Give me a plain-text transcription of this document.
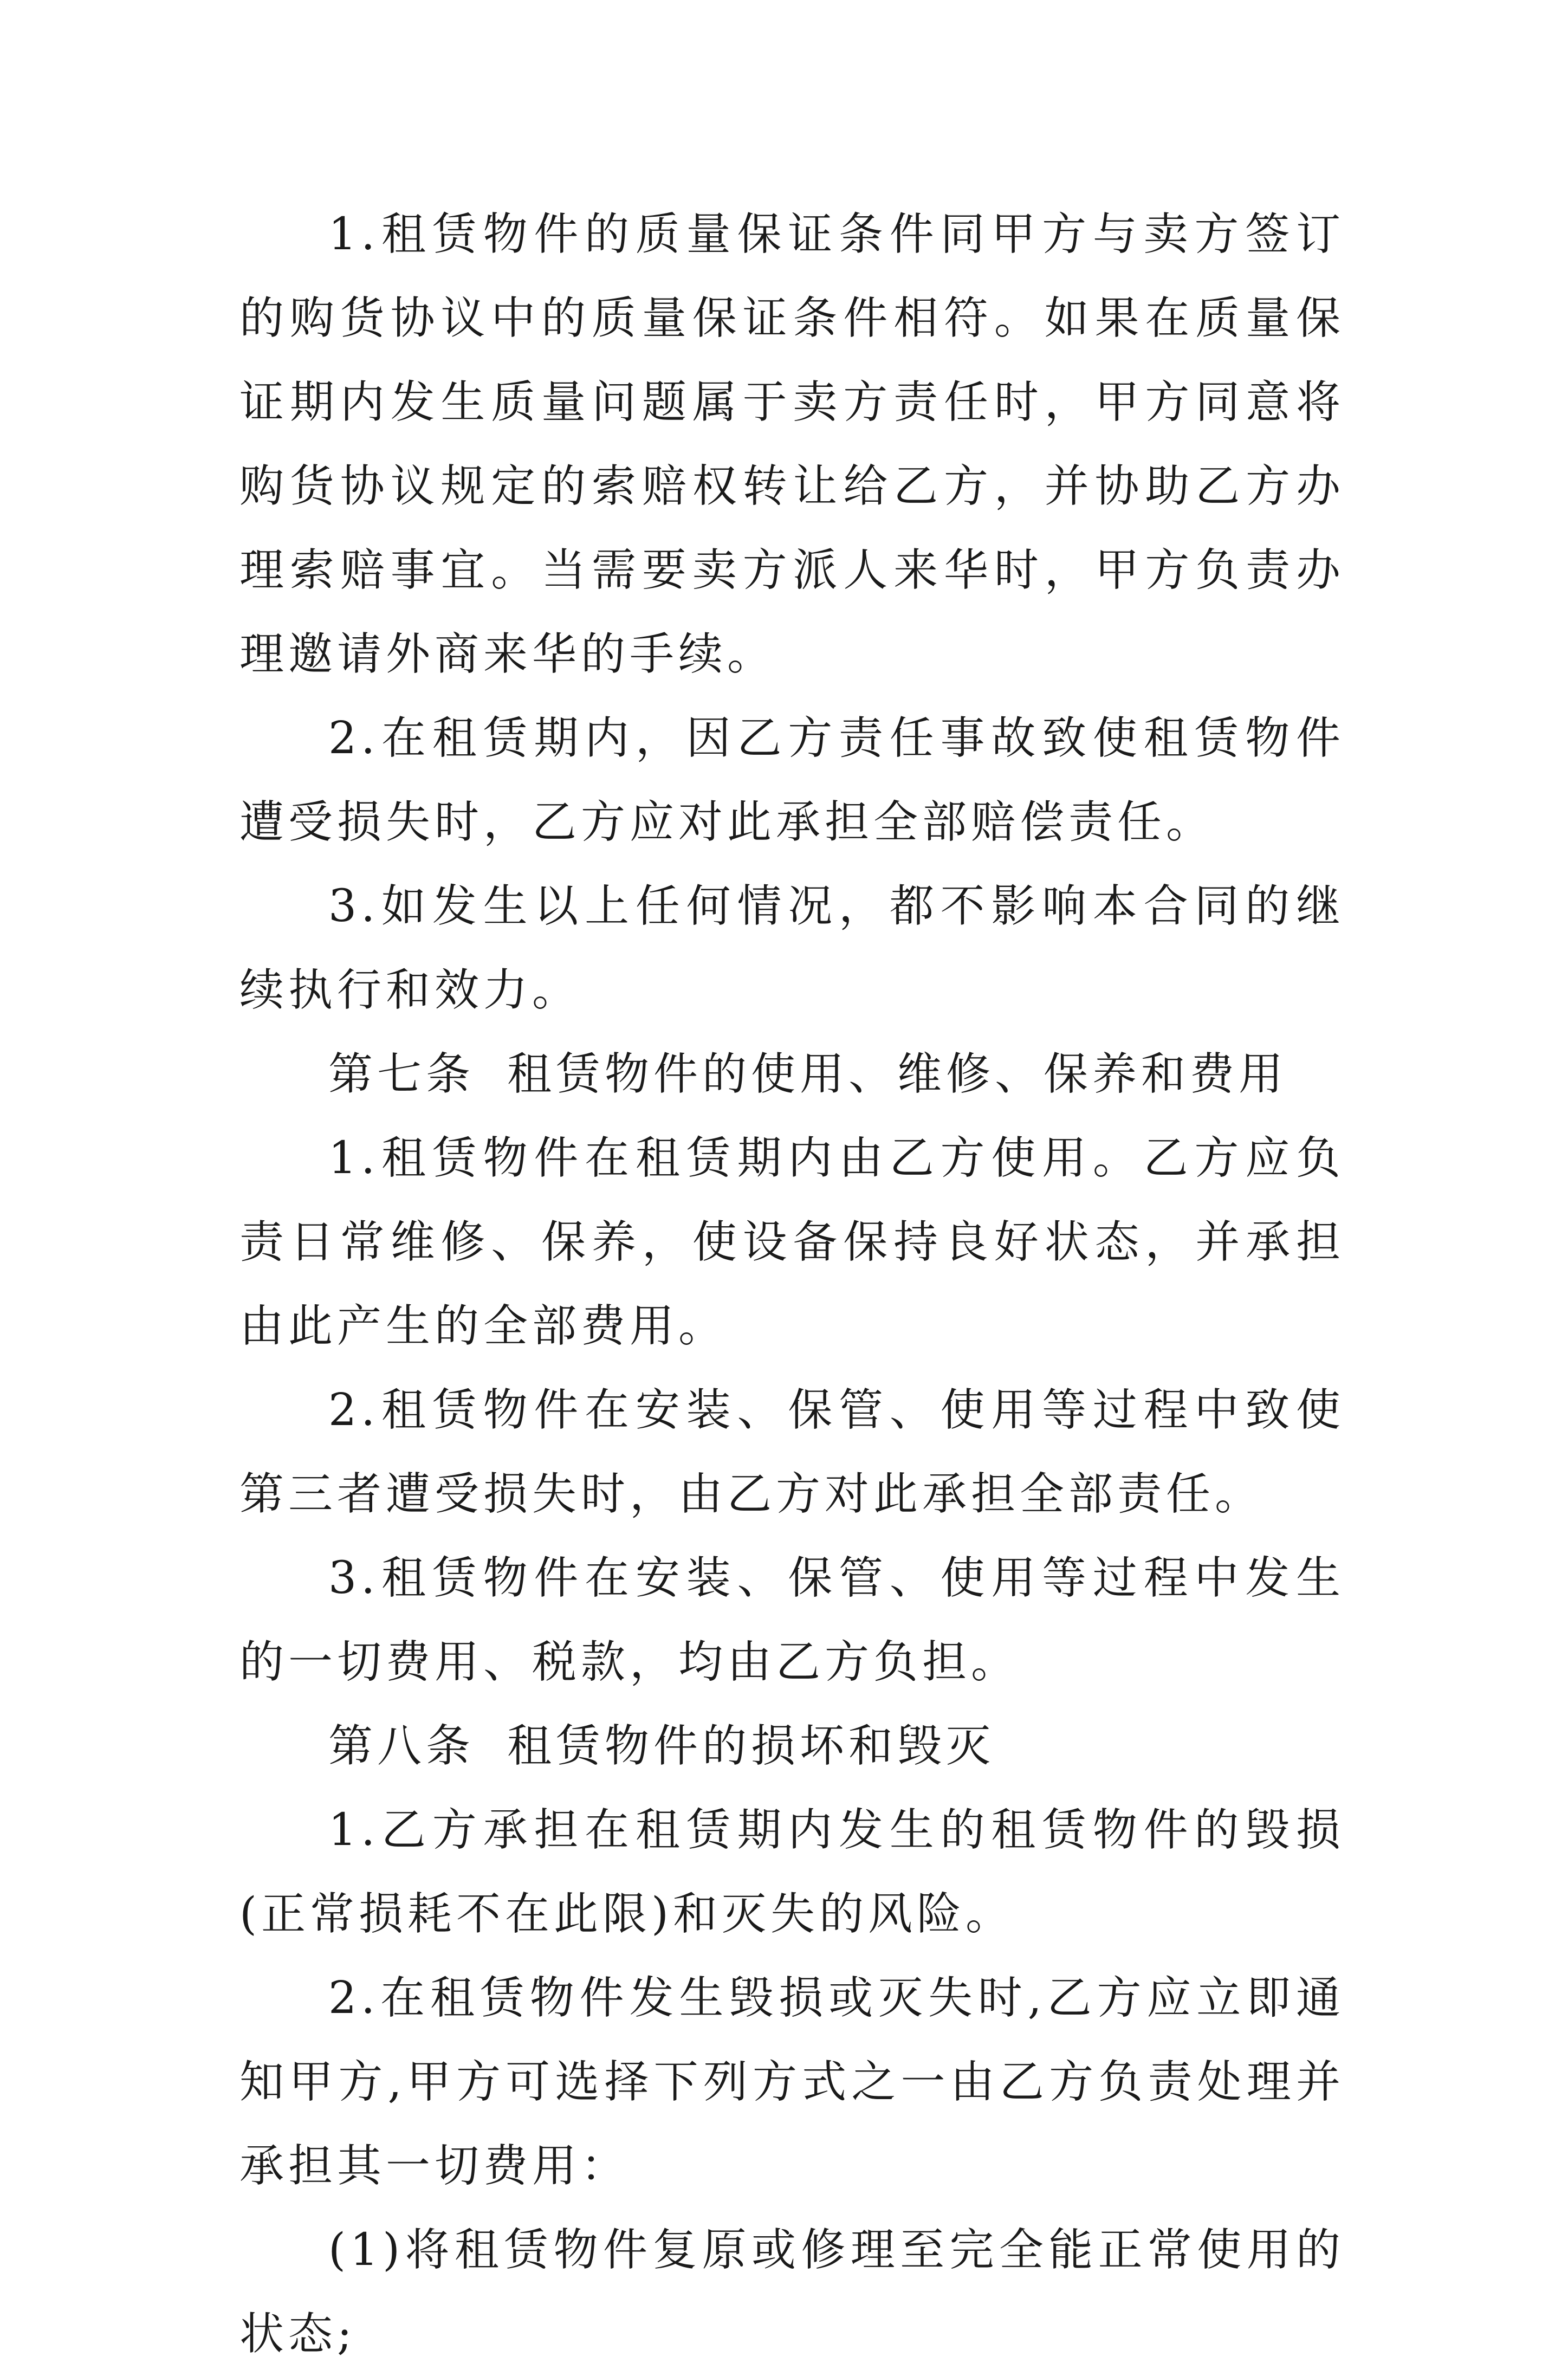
1.租赁物件的质量保证条件同甲方与卖方签订的购货协议中的质量保证条件相符。如果在质量保证期内发生质量问题属于卖方责任时，甲方同意将购货协议规定的索赔权转让给乙方，并协助乙方办理索赔事宜。当需要卖方派人来华时，甲方负责办理邀请外商来华的手续。

2.在租赁期内，因乙方责任事故致使租赁物件遭受损失时，乙方应对此承担全部赔偿责任。

3.如发生以上任何情况，都不影响本合同的继续执行和效力。

第七条 租赁物件的使用、维修、保养和费用

1.租赁物件在租赁期内由乙方使用。乙方应负责日常维修、保养，使设备保持良好状态，并承担由此产生的全部费用。

2.租赁物件在安装、保管、使用等过程中致使第三者遭受损失时，由乙方对此承担全部责任。

3.租赁物件在安装、保管、使用等过程中发生的一切费用、税款，均由乙方负担。

第八条 租赁物件的损坏和毁灭

1.乙方承担在租赁期内发生的租赁物件的毁损(正常损耗不在此限)和灭失的风险。

2.在租赁物件发生毁损或灭失时,乙方应立即通知甲方,甲方可选择下列方式之一由乙方负责处理并承担其一切费用：

(1)将租赁物件复原或修理至完全能正常使用的状态;
